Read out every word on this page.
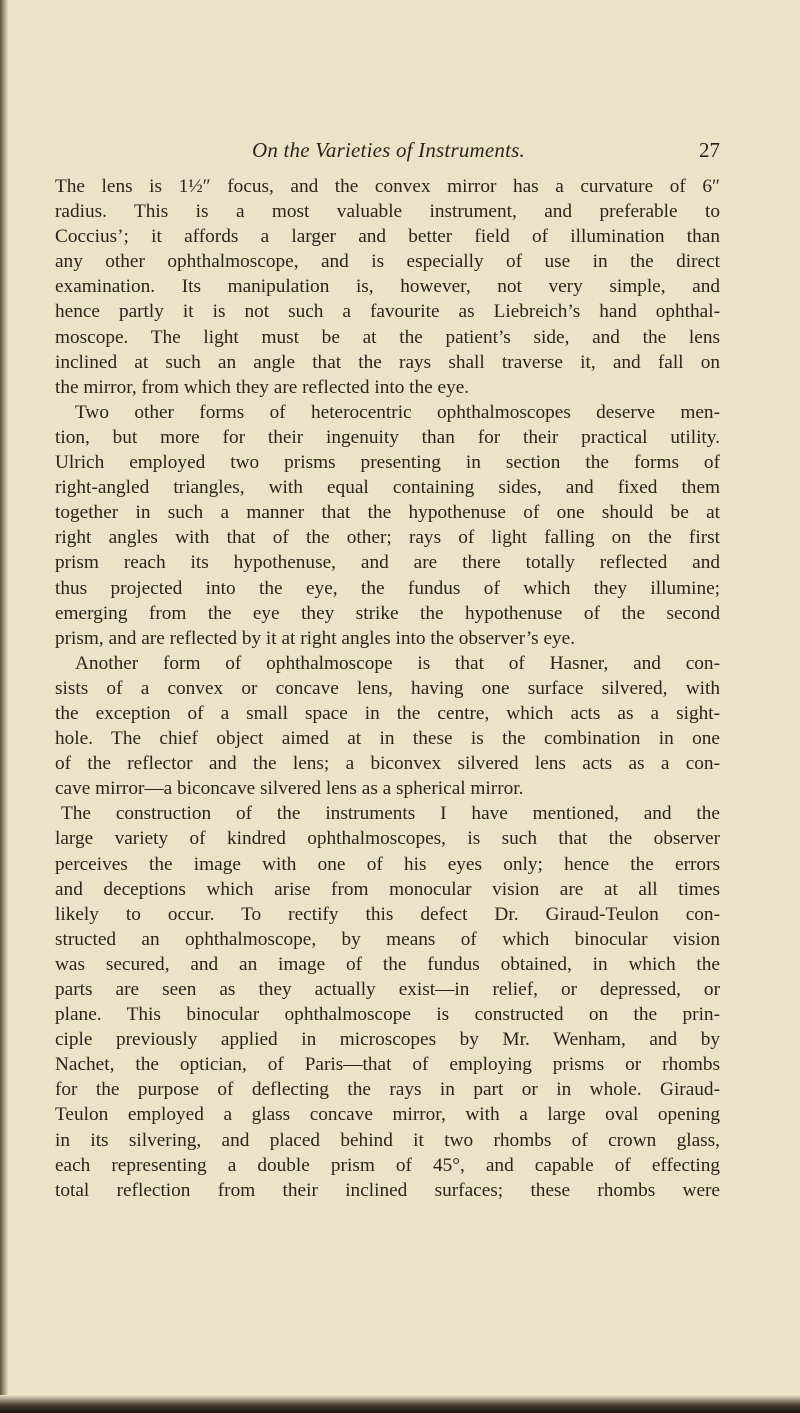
On the Varieties of Instruments.	27
The lens is 1½″ focus, and the convex mirror has a curvature of 6″
radius. This is a most valuable instrument, and preferable to
Coccius’; it affords a larger and better field of illumination than
any other ophthalmoscope, and is especially of use in the direct
examination. Its manipulation is, however, not very simple, and
hence partly it is not such a favourite as Liebreich’s hand ophthal-
moscope. The light must be at the patient’s side, and the lens
inclined at such an angle that the rays shall traverse it, and fall on
the mirror, from which they are reflected into the eye.
Two other forms of heterocentric ophthalmoscopes deserve men-
tion, but more for their ingenuity than for their practical utility.
Ulrich employed two prisms presenting in section the forms of
right-angled triangles, with equal containing sides, and fixed them
together in such a manner that the hypothenuse of one should be at
right angles with that of the other; rays of light falling on the first
prism reach its hypothenuse, and are there totally reflected and
thus projected into the eye, the fundus of which they illumine;
emerging from the eye they strike the hypothenuse of the second
prism, and are reflected by it at right angles into the observer’s eye.
Another form of ophthalmoscope is that of Hasner, and con-
sists of a convex or concave lens, having one surface silvered, with
the exception of a small space in the centre, which acts as a sight-
hole. The chief object aimed at in these is the combination in one
of the reflector and the lens; a biconvex silvered lens acts as a con-
cave mirror—a biconcave silvered lens as a spherical mirror.
The construction of the instruments I have mentioned, and the
large variety of kindred ophthalmoscopes, is such that the observer
perceives the image with one of his eyes only; hence the errors
and deceptions which arise from monocular vision are at all times
likely to occur. To rectify this defect Dr. Giraud-Teulon con-
structed an ophthalmoscope, by means of which binocular vision
was secured, and an image of the fundus obtained, in which the
parts are seen as they actually exist—in relief, or depressed, or
plane. This binocular ophthalmoscope is constructed on the prin-
ciple previously applied in microscopes by Mr. Wenham, and by
Nachet, the optician, of Paris—that of employing prisms or rhombs
for the purpose of deflecting the rays in part or in whole. Giraud-
Teulon employed a glass concave mirror, with a large oval opening
in its silvering, and placed behind it two rhombs of crown glass,
each representing a double prism of 45°, and capable of effecting
total reflection from their inclined surfaces; these rhombs were
